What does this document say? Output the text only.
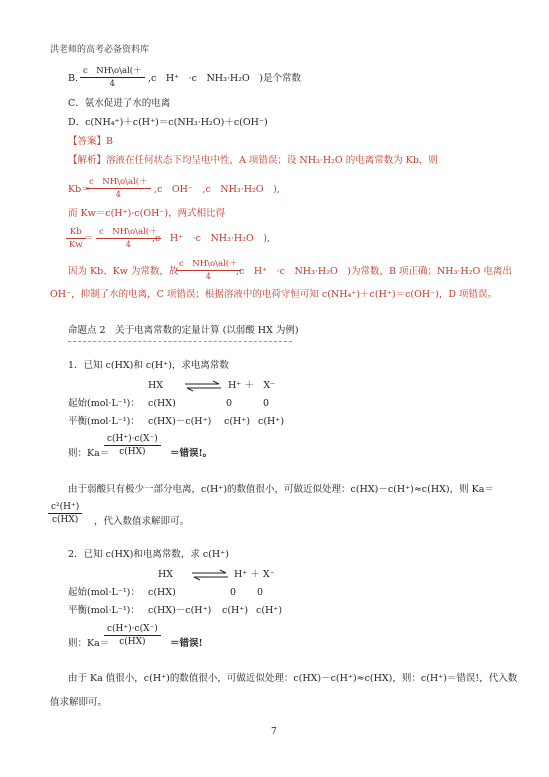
洪老师的高考必备资料库
B.
c　NH\o\al(＋
4	,c　H⁺　·c　NH₃·H₂O　)是个常数
C．氨水促进了水的电离
D．c(NH₄⁺)＋c(H⁺)＝c(NH₃·H₂O)＋c(OH⁻)
【答案】B
【解析】溶液在任何状态下均呈电中性，A 项错误；设 NH₃·H₂O 的电离常数为 Kb，则
Kb＝
c　NH\o\al(＋
4	,c　OH⁻　,c　NH₃·H₂O　),
而 Kw＝c(H⁺)·c(OH⁻)，两式相比得
Kb
Kw
＝
c　NH\o\al(＋
4
,c　H⁺　·c　NH₃·H₂O　),
因为 Kb、Kw 为常数，故
c　NH\o\al(＋
4	,c　H⁺　·c　NH₃·H₂O　)为常数，B 项正确；NH₃·H₂O 电离出
OH⁻，抑制了水的电离，C 项错误；根据溶液中的电荷守恒可知 c(NH₄⁺)＋c(H⁺)＝c(OH⁻)，D 项错误。
命题点 2　关于电离常数的定量计算 (以弱酸 HX 为例)
1．已知 c(HX)和 c(H⁺)，求电离常数
HX ⇌ H⁺ ＋　X⁻
起始(mol·L⁻¹)： c(HX)	0	0
平衡(mol·L⁻¹)： c(HX)－c(H⁺) c(H⁺) c(H⁺)
则：Ka＝
c(H⁺)·c(X⁻)
c(HX)	＝错误!。
由于弱酸只有极少一部分电离，c(H⁺)的数值很小，可做近似处理：c(HX)－c(H⁺)≈c(HX)，则 Ka＝
c²(H⁺)
c(HX)	，代入数值求解即可。
2．已知 c(HX)和电离常数，求 c(H⁺)
HX ⇌ H⁺ ＋ X⁻
起始(mol·L⁻¹)： c(HX)	0 0
平衡(mol·L⁻¹)： c(HX)－c(H⁺) c(H⁺) c(H⁺)
则：Ka＝
c(H⁺)·c(X⁻)
c(HX)	＝错误!
由于 Ka 值很小，c(H⁺)的数值很小，可做近似处理：c(HX)－c(H⁺)≈c(HX)，则：c(H⁺)＝错误!，代入数
值求解即可。
7
